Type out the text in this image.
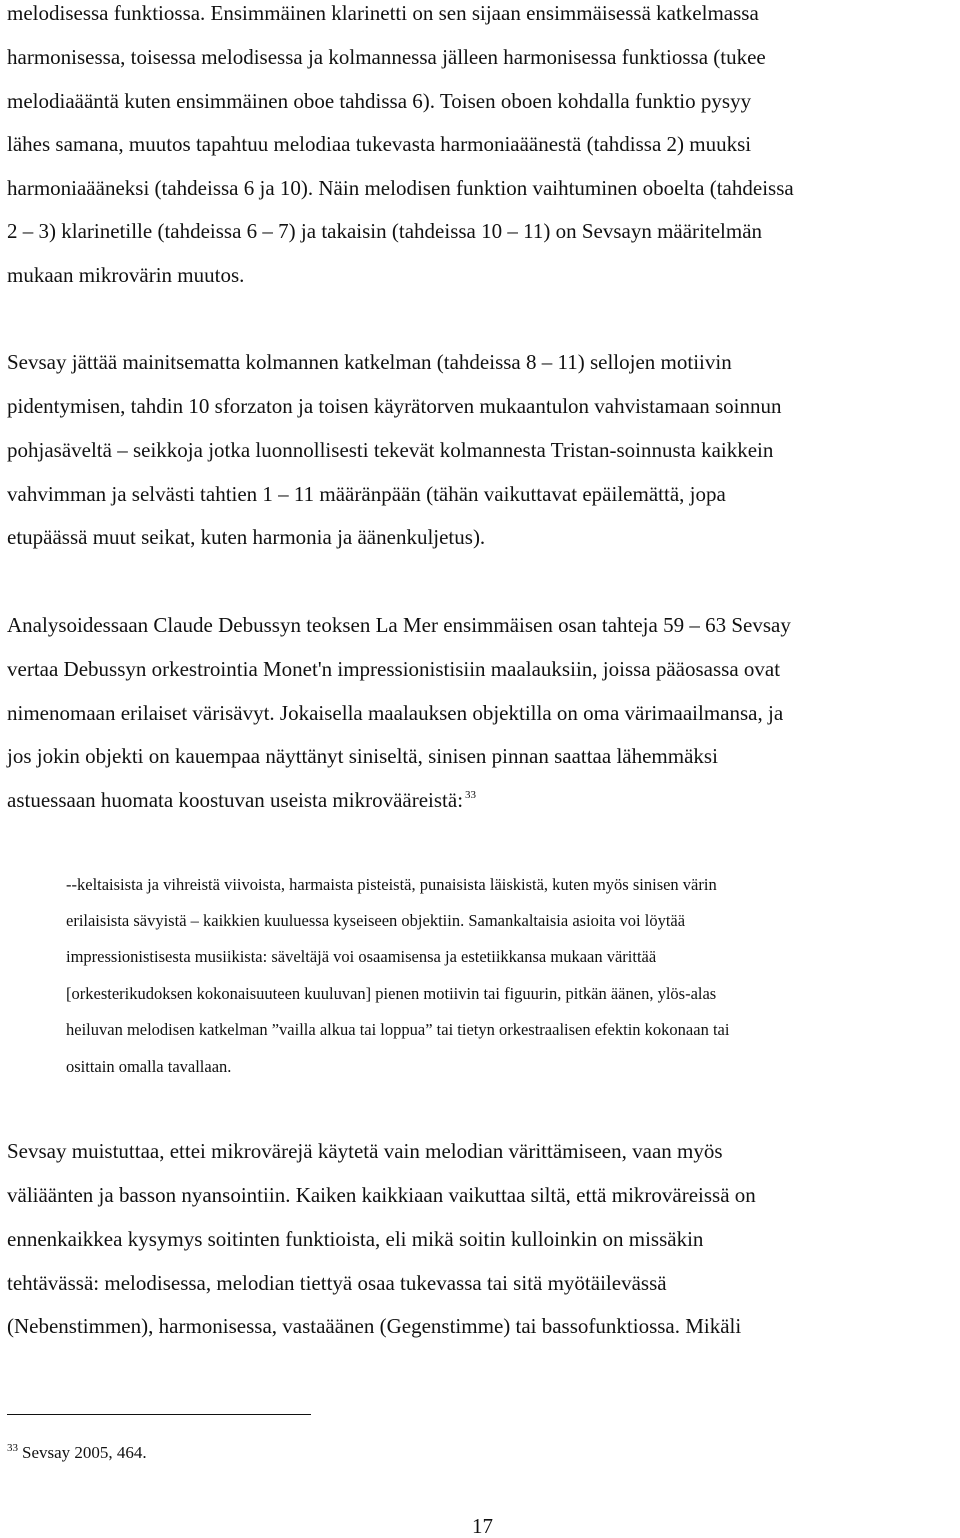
melodisessa funktiossa. Ensimmäinen klarinetti on sen sijaan ensimmäisessä katkelmassa

harmonisessa, toisessa melodisessa ja kolmannessa jälleen harmonisessa funktiossa (tukee

melodiaääntä kuten ensimmäinen oboe tahdissa 6). Toisen oboen kohdalla funktio pysyy

lähes samana, muutos tapahtuu melodiaa tukevasta harmoniaäänestä (tahdissa 2) muuksi

harmoniaääneksi (tahdeissa 6 ja 10). Näin melodisen funktion vaihtuminen oboelta (tahdeissa

2 – 3) klarinetille (tahdeissa 6 – 7) ja takaisin (tahdeissa 10 – 11) on Sevsayn määritelmän

mukaan mikrovärin muutos.

Sevsay jättää mainitsematta kolmannen katkelman (tahdeissa 8 – 11) sellojen motiivin

pidentymisen, tahdin 10 sforzaton ja toisen käyrätorven mukaantulon vahvistamaan soinnun

pohjasäveltä – seikkoja jotka luonnollisesti tekevät kolmannesta Tristan-soinnusta kaikkein

vahvimman ja selvästi tahtien 1 – 11 määränpään (tähän vaikuttavat epäilemättä, jopa

etupäässä muut seikat, kuten harmonia ja äänenkuljetus).

Analysoidessaan Claude Debussyn teoksen La Mer ensimmäisen osan tahteja 59 – 63 Sevsay

vertaa Debussyn orkestrointia Monet'n impressionistisiin maalauksiin, joissa pääosassa ovat

nimenomaan erilaiset värisävyt. Jokaisella maalauksen objektilla on oma värimaailmansa, ja

jos jokin objekti on kauempaa näyttänyt siniseltä, sinisen pinnan saattaa lähemmäksi

astuessaan huomata koostuvan useista mikrovääreistä: $^{33}$

--keltaisista ja vihreistä viivoista, harmaista pisteistä, punaisista läiskistä, kuten myös sinisen värin

erilaisista sävyistä – kaikkien kuuluessa kyseiseen objektiin. Samankaltaisia asioita voi löytää

impressionistisesta musiikista: säveltäjä voi osaamisensa ja estetiikkansa mukaan värittää

[orkesterikudoksen kokonaisuuteen kuuluvan] pienen motiivin tai figuurin, pitkän äänen, ylös-alas

heiluvan melodisen katkelman ”vailla alkua tai loppua” tai tietyn orkestraalisen efektin kokonaan tai

osittain omalla tavallaan.

Sevsay muistuttaa, ettei mikrovärejä käytetä vain melodian värittämiseen, vaan myös

väliäänten ja basson nyansointiin. Kaiken kaikkiaan vaikuttaa siltä, että mikroväreissä on

ennenkaikkea kysymys soitinten funktioista, eli mikä soitin kulloinkin on missäkin

tehtävässä: melodisessa, melodian tiettyä osaa tukevassa tai sitä myötäilevässä

(Nebenstimmen), harmonisessa, vastaäänen (Gegenstimme) tai bassofunktiossa. Mikäli

$^{33}$ Sevsay 2005, 464.
17
